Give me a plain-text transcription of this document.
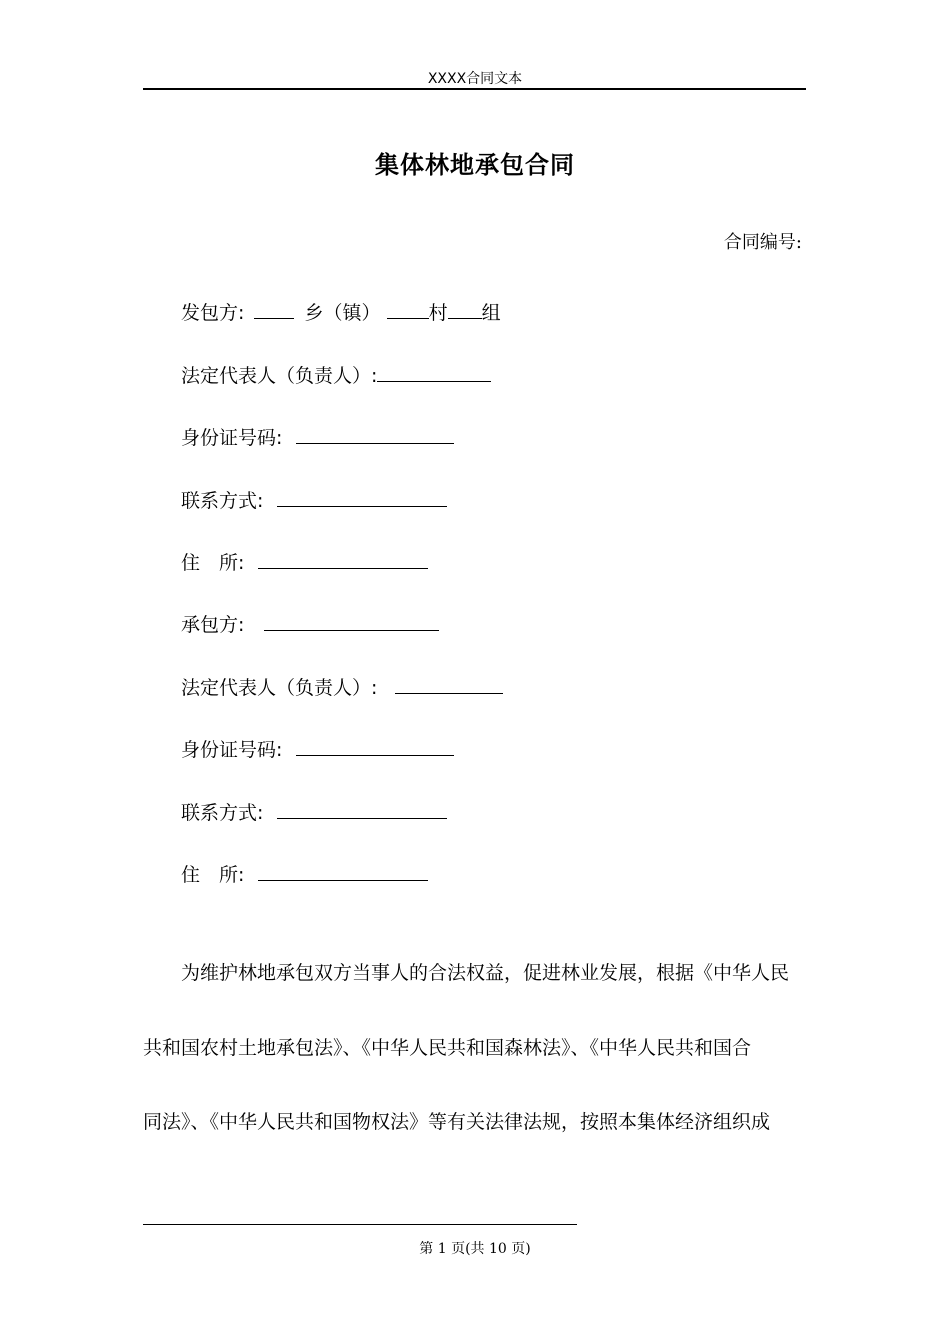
XXXX合同文本
集体林地承包合同
合同编号:
发包方:	乡（镇）	村 组
法定代表人（负责人）:
身份证号码:
联系方式:
住　所:
承包方:
法定代表人（负责人）:
身份证号码:
联系方式:
住　所:
为维护林地承包双方当事人的合法权益，促进林业发展，根据《中华人民
共和国农村土地承包法》、《中华人民共和国森林法》、《中华人民共和国合
同法》、《中华人民共和国物权法》等有关法律法规，按照本集体经济组织成
第 1 页(共 10 页)
